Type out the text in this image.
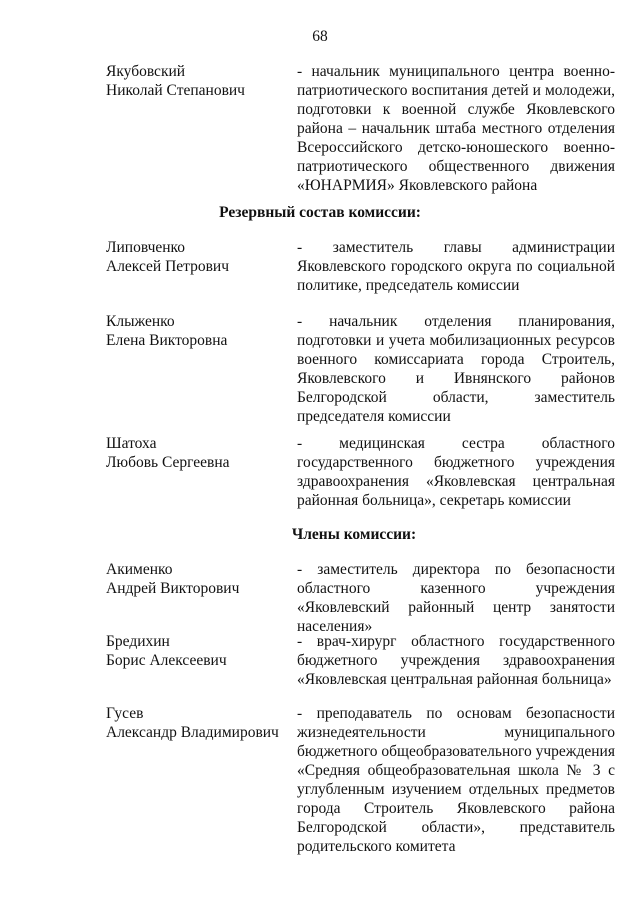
68
Якубовский
Николай Степанович
- начальник муниципального центра военно-патриотического воспитания детей и молодежи, подготовки к военной службе Яковлевского района – начальник штаба местного отделения Всероссийского детско-юношеского военно-патриотического общественного движения «ЮНАРМИЯ» Яковлевского района
Резервный состав комиссии:
Липовченко
Алексей Петрович
- заместитель главы администрации Яковлевского городского округа по социальной политике, председатель комиссии
Клыженко
Елена Викторовна
- начальник отделения планирования, подготовки и учета мобилизационных ресурсов военного комиссариата города Строитель, Яковлевского и Ивнянского районов Белгородской области, заместитель председателя комиссии
Шатоха
Любовь Сергеевна
- медицинская сестра областного государственного бюджетного учреждения здравоохранения «Яковлевская центральная районная больница», секретарь комиссии
Члены комиссии:
Акименко
Андрей Викторович
- заместитель директора по безопасности областного казенного учреждения «Яковлевский районный центр занятости населения»
Бредихин
Борис Алексеевич
- врач-хирург областного государственного бюджетного учреждения здравоохранения «Яковлевская центральная районная больница»
Гусев
Александр Владимирович
- преподаватель по основам безопасности жизнедеятельности муниципального бюджетного общеобразовательного учреждения «Средняя общеобразовательная школа № 3 с углубленным изучением отдельных предметов города Строитель Яковлевского района Белгородской области», представитель родительского комитета
